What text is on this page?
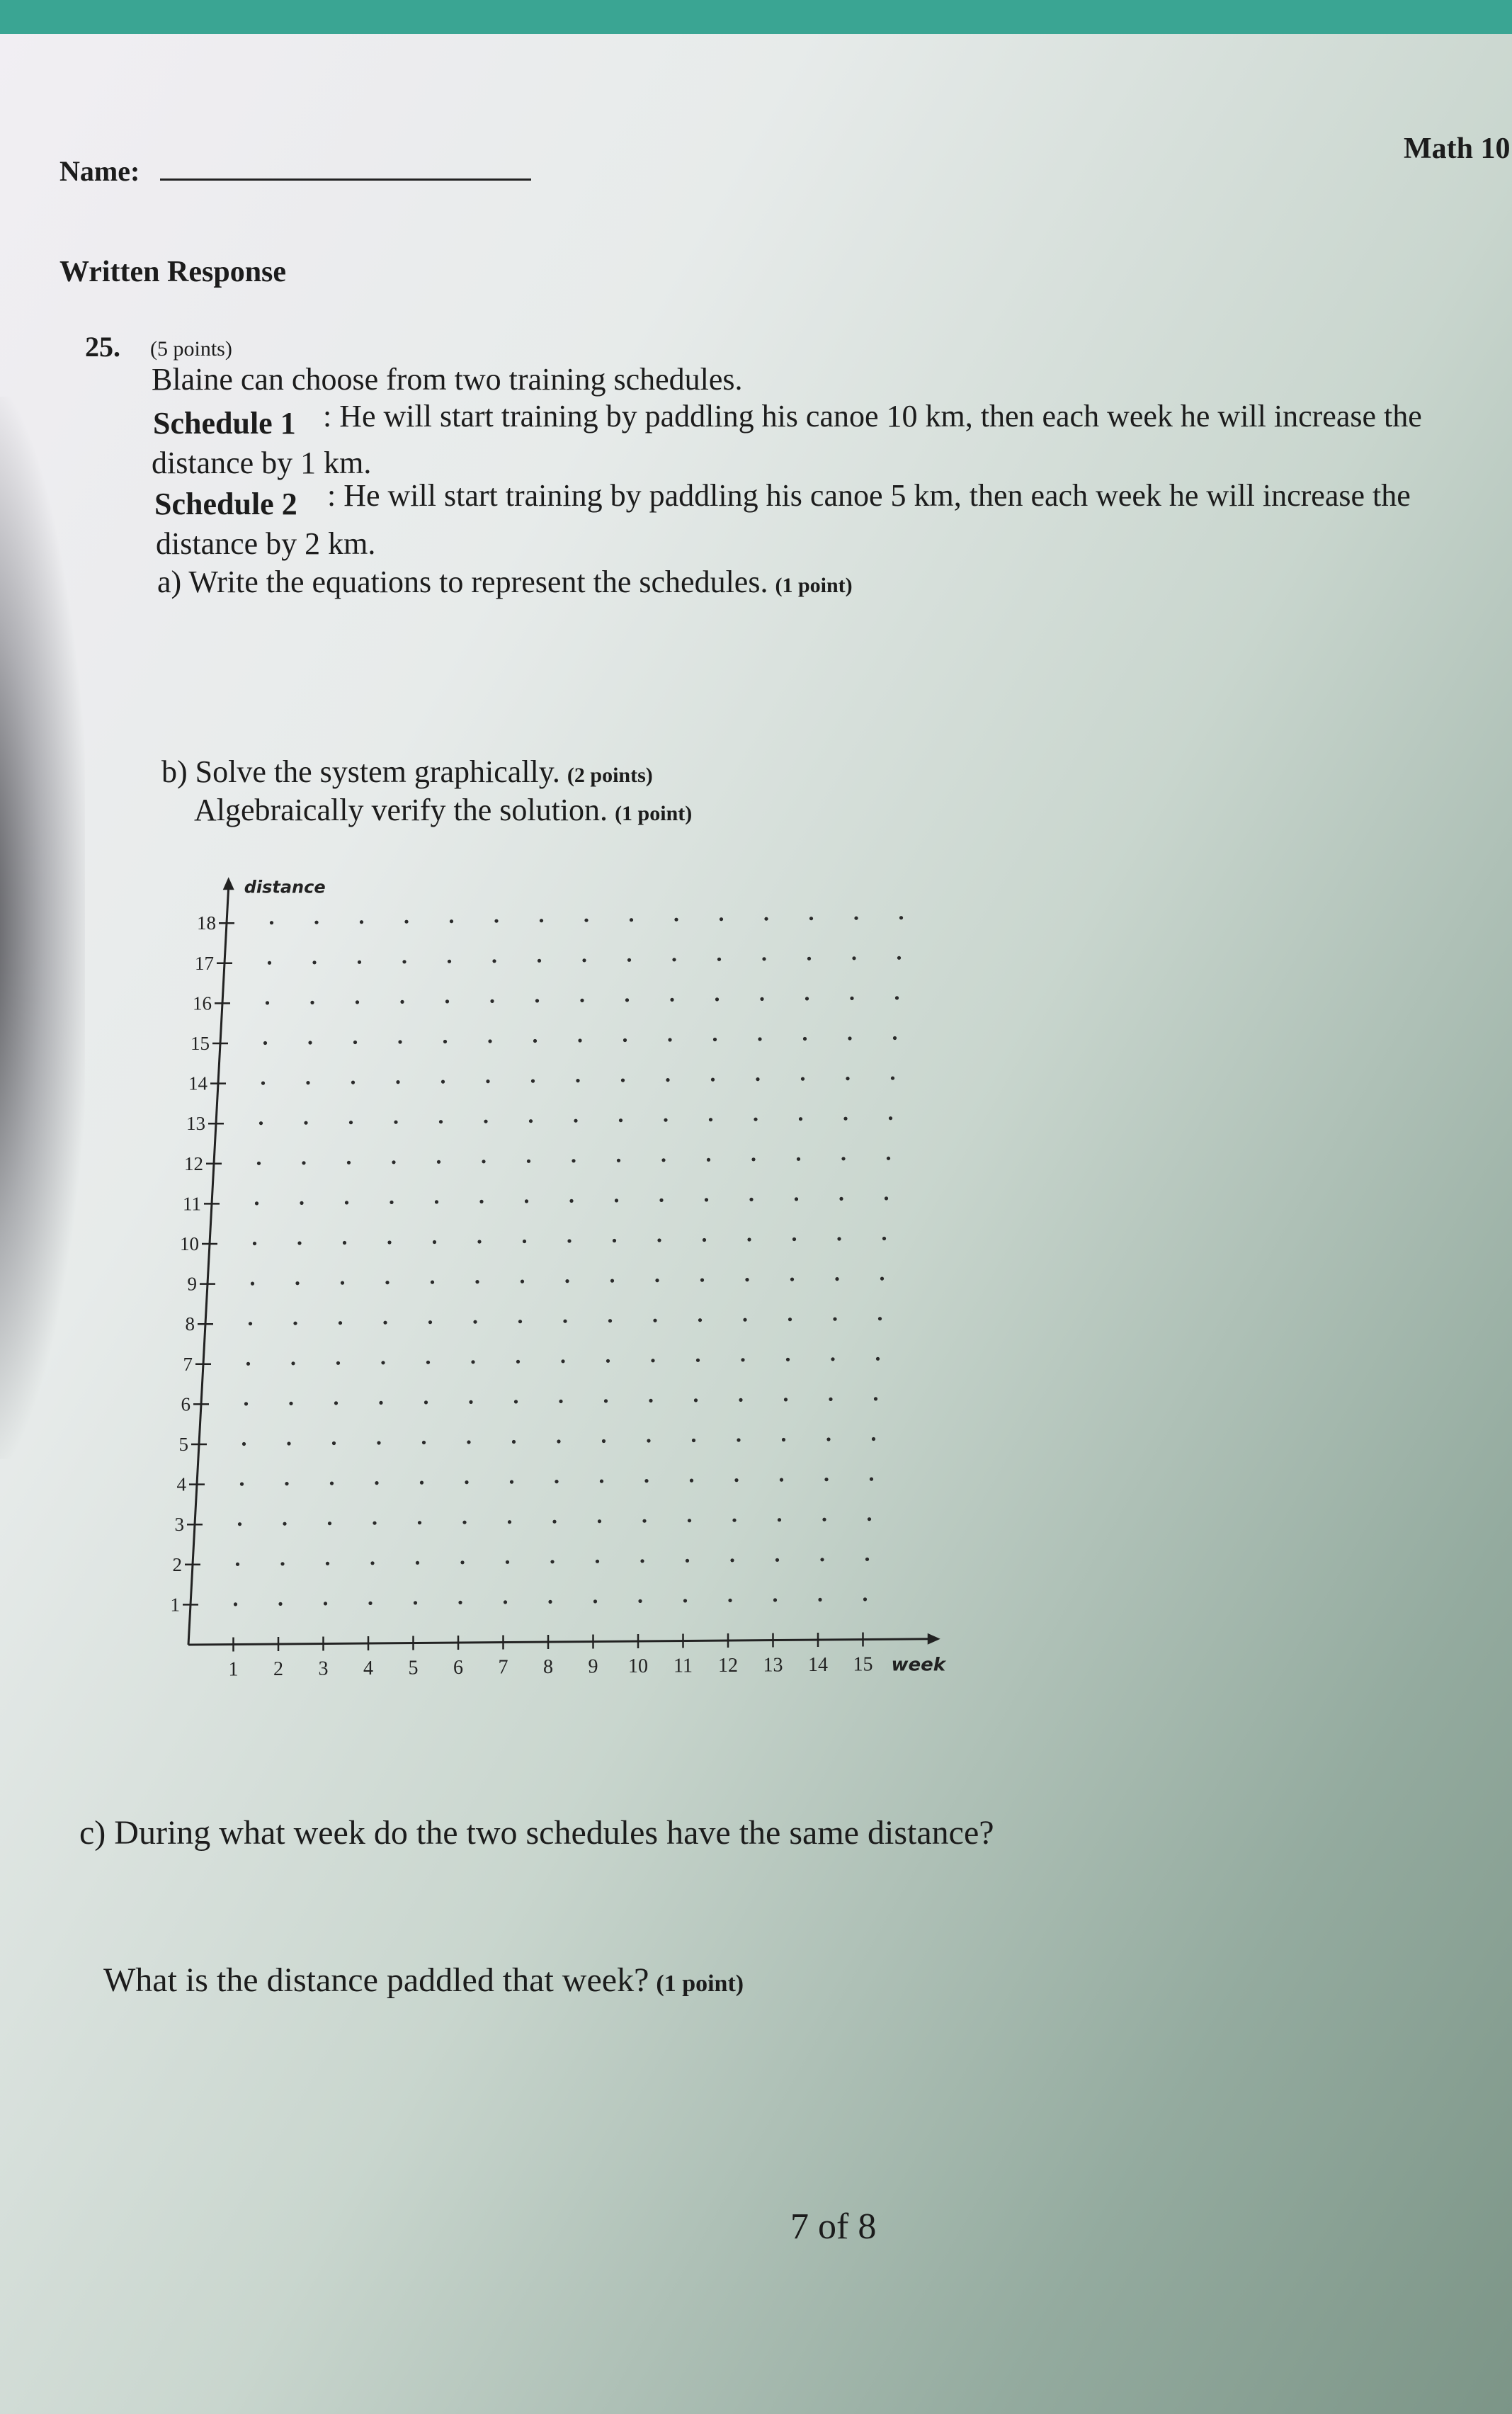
Name:
Math 10
Written Response
25. (5 points)
Blaine can choose from two training schedules.
Schedule 1 : He will start training by paddling his canoe 10 km, then each week he will increase the
distance by 1 km.
Schedule 2 : He will start training by paddling his canoe 5 km, then each week he will increase the
distance by 2 km.
a) Write the equations to represent the schedules. (1 point)
b) Solve the system graphically. (2 points)
Algebraically verify the solution. (1 point)
1 2 3 4 5 6 7 8 9 10 11 12 13 14 15
1
2
3
4
5
6
7
8
9
10
11
12
13
14
15
16
17
18
distance
week
c) During what week do the two schedules have the same distance?
What is the distance paddled that week? (1 point)
7 of 8
